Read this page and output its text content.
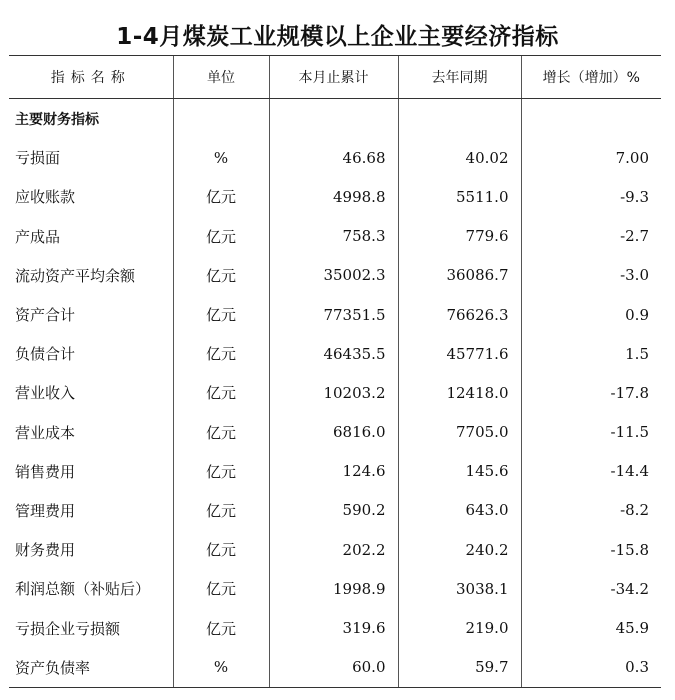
1-4月煤炭工业规模以上企业主要经济指标
指标名称	单位	本月止累计	去年同期	增长（增加）%
主要财务指标				
亏损面	%	46.68	40.02	7.00
应收账款	亿元	4998.8	5511.0	-9.3
产成品	亿元	758.3	779.6	-2.7
流动资产平均余额	亿元	35002.3	36086.7	-3.0
资产合计	亿元	77351.5	76626.3	0.9
负债合计	亿元	46435.5	45771.6	1.5
营业收入	亿元	10203.2	12418.0	-17.8
营业成本	亿元	6816.0	7705.0	-11.5
销售费用	亿元	124.6	145.6	-14.4
管理费用	亿元	590.2	643.0	-8.2
财务费用	亿元	202.2	240.2	-15.8
利润总额（补贴后）	亿元	1998.9	3038.1	-34.2
亏损企业亏损额	亿元	319.6	219.0	45.9
资产负债率	%	60.0	59.7	0.3
